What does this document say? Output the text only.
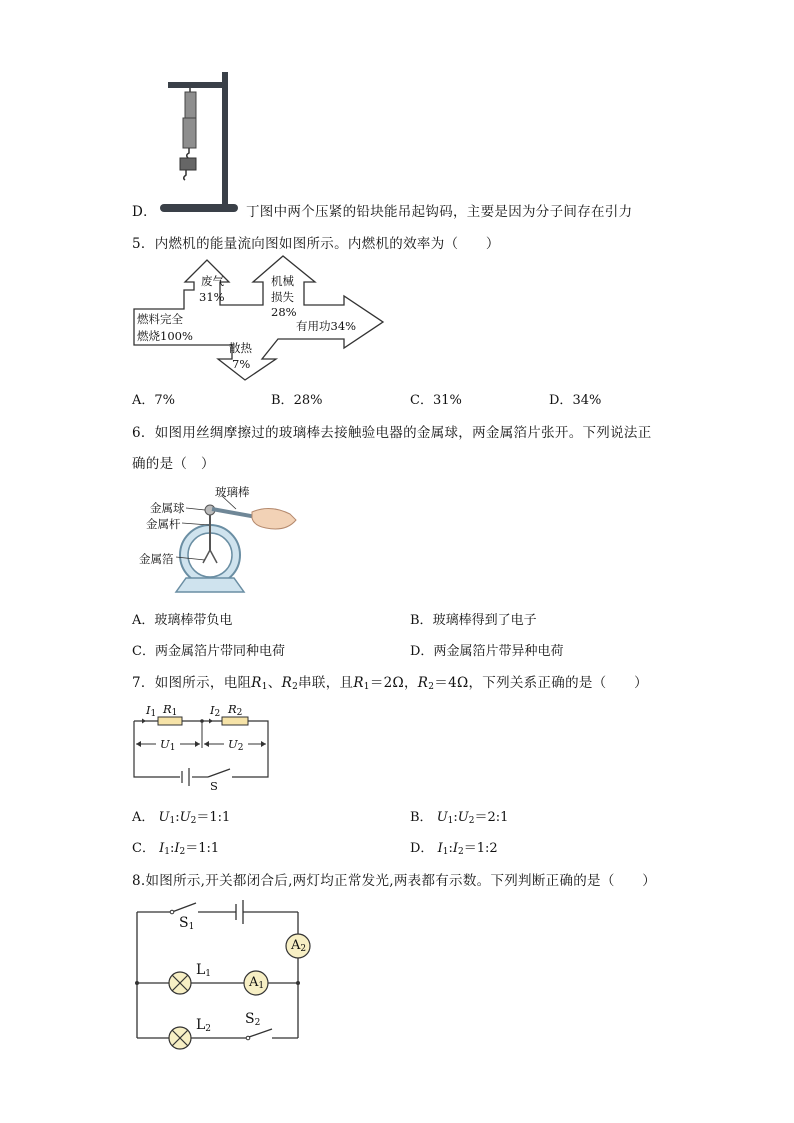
D．	丁图中两个压紧的铅块能吊起钩码，主要是因为分子间存在引力
5．内燃机的能量流向图如图所示。内燃机的效率为（　　）
废气
31%
机械
损失
28%
燃料完全
燃烧100%
有用功34%
散热
7%
A．7%	B．28%	C．31%	D．34%
6．如图用丝绸摩擦过的玻璃棒去接触验电器的金属球，两金属箔片张开。下列说法正
确的是（　）
玻璃棒
金属球
金属杆
金属箔
A．玻璃棒带负电	B．玻璃棒得到了电子
C．两金属箔片带同种电荷	D．两金属箔片带异种电荷
7．如图所示，电阻$R_1$、$R_2$串联，且$R_1=2\Omega$，$R_2=4\Omega$，下列关系正确的是（　　）
$I_1$ $R_1$	$I_2$ $R_2$
$U_1$	$U_2$
S
A． $U_1:U_2=1:1$	B． $U_1:U_2=2:1$
C． $I_1:I_2=1:1$	D． $I_1:I_2=1:2$
8.如图所示,开关都闭合后,两灯均正常发光,两表都有示数。下列判断正确的是（　　）
$S_1$
$A_2$
$L_1$
$A_1$
$L_2$
$S_2$
